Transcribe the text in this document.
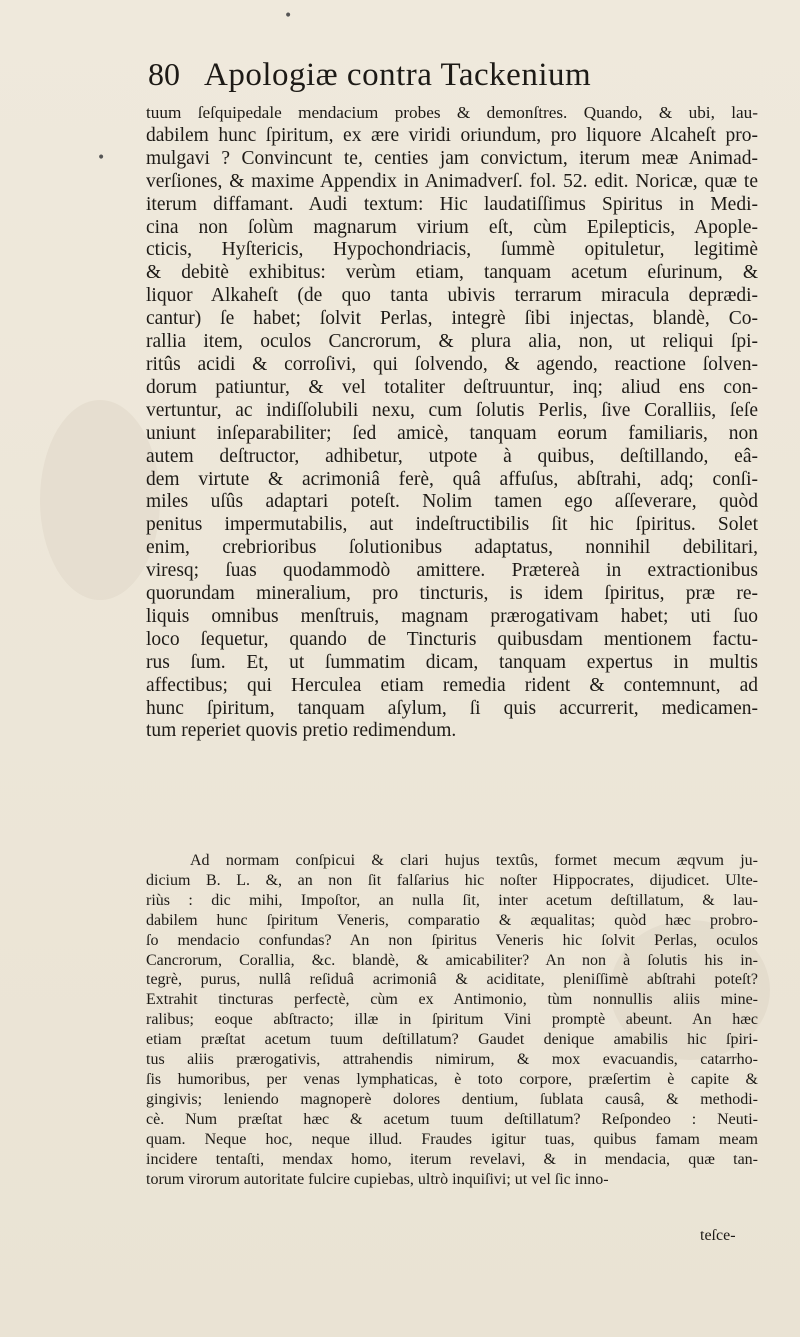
•
•
80 Apologiæ contra Tackenium
tuum ſeſquipedale mendacium probes & demonſtres. Quando, & ubi, lau-
dabilem hunc ſpiritum, ex ære viridi oriundum, pro liquore Alcaheſt pro-
mulgavi ? Convincunt te, centies jam convictum, iterum meæ Animad-
verſiones, & maxime Appendix in Animadverſ. fol. 52. edit. Noricæ, quæ te
iterum diffamant. Audi textum: Hic laudatiſſimus Spiritus in Medi-
cina non ſolùm magnarum virium eſt, cùm Epilepticis, Apople-
cticis, Hyſtericis, Hypochondriacis, ſummè opituletur, legitimè
& debitè exhibitus: verùm etiam, tanquam acetum eſurinum, &
liquor Alkaheſt (de quo tanta ubivis terrarum miracula deprædi-
cantur) ſe habet; ſolvit Perlas, integrè ſibi injectas, blandè, Co-
rallia item, oculos Cancrorum, & plura alia, non, ut reliqui ſpi-
ritûs acidi & corroſivi, qui ſolvendo, & agendo, reactione ſolven-
dorum patiuntur, & vel totaliter deſtruuntur, inq; aliud ens con-
vertuntur, ac indiſſolubili nexu, cum ſolutis Perlis, ſive Coralliis, ſeſe
uniunt inſeparabiliter; ſed amicè, tanquam eorum familiaris, non
autem deſtructor, adhibetur, utpote à quibus, deſtillando, eâ-
dem virtute & acrimoniâ ferè, quâ affuſus, abſtrahi, adq; conſi-
miles uſûs adaptari poteſt. Nolim tamen ego aſſeverare, quòd
penitus impermutabilis, aut indeſtructibilis ſit hic ſpiritus. Solet
enim, crebrioribus ſolutionibus adaptatus, nonnihil debilitari,
viresq; ſuas quodammodò amittere. Prætereà in extractionibus
quorundam mineralium, pro tincturis, is idem ſpiritus, præ re-
liquis omnibus menſtruis, magnam prærogativam habet; uti ſuo
loco ſequetur, quando de Tincturis quibusdam mentionem factu-
rus ſum. Et, ut ſummatim dicam, tanquam expertus in multis
affectibus; qui Herculea etiam remedia rident & contemnunt, ad
hunc ſpiritum, tanquam aſylum, ſi quis accurrerit, medicamen-
tum reperiet quovis pretio redimendum.
Ad normam conſpicui & clari hujus textûs, formet mecum æqvum ju-
dicium B. L. &, an non ſit falſarius hic noſter Hippocrates, dijudicet. Ulte-
riùs : dic mihi, Impoſtor, an nulla ſit, inter acetum deſtillatum, & lau-
dabilem hunc ſpiritum Veneris, comparatio & æqualitas; quòd hæc probro-
ſo mendacio confundas? An non ſpiritus Veneris hic ſolvit Perlas, oculos
Cancrorum, Corallia, &c. blandè, & amicabiliter? An non à ſolutis his in-
tegrè, purus, nullâ reſiduâ acrimoniâ & aciditate, pleniſſimè abſtrahi poteſt?
Extrahit tincturas perfectè, cùm ex Antimonio, tùm nonnullis aliis mine-
ralibus; eoque abſtracto; illæ in ſpiritum Vini promptè abeunt. An hæc
etiam præſtat acetum tuum deſtillatum? Gaudet denique amabilis hic ſpiri-
tus aliis prærogativis, attrahendis nimirum, & mox evacuandis, catarrho-
ſis humoribus, per venas lymphaticas, è toto corpore, præſertim è capite &
gingivis; leniendo magnoperè dolores dentium, ſublata causâ, & methodi-
cè. Num præſtat hæc & acetum tuum deſtillatum? Reſpondeo : Neuti-
quam. Neque hoc, neque illud. Fraudes igitur tuas, quibus famam meam
incidere tentaſti, mendax homo, iterum revelavi, & in mendacia, quæ tan-
torum virorum autoritate fulcire cupiebas, ultrò inquiſivi; ut vel ſic inno-
teſce-
